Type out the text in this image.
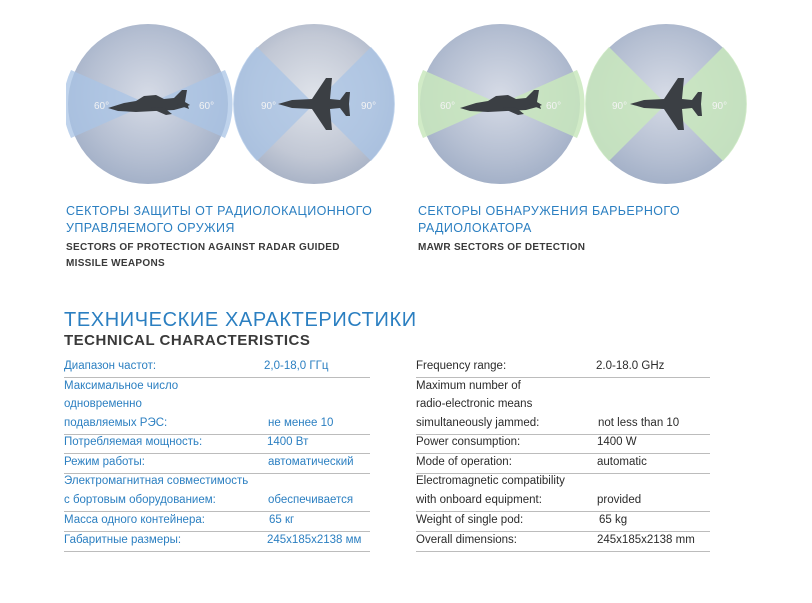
60°	60°	90°	90°	60°	60°	90°	90°
СЕКТОРЫ ЗАЩИТЫ ОТ РАДИОЛОКАЦИОННОГО
УПРАВЛЯЕМОГО ОРУЖИЯ
SECTORS OF PROTECTION AGAINST RADAR GUIDED
MISSILE WEAPONS
СЕКТОРЫ ОБНАРУЖЕНИЯ БАРЬЕРНОГО
РАДИОЛОКАТОРА
MAWR SECTORS OF DETECTION
ТЕХНИЧЕСКИЕ ХАРАКТЕРИСТИКИ
TECHNICAL CHARACTERISTICS
Диапазон частот:	2,0-18,0 ГГц
Максимальное число
одновременно
подавляемых РЭС:	не менее 10
Потребляемая мощность:	1400 Вт
Режим работы:	автоматический
Электромагнитная совместимость
с бортовым оборудованием:	обеспечивается
Масса одного контейнера:	65 кг
Габаритные размеры:	245x185x2138 мм
Frequency range:	2.0-18.0 GHz
Maximum number of
radio-electronic means
simultaneously jammed:	not less than 10
Power consumption:	1400 W
Mode of operation:	automatic
Electromagnetic compatibility
with onboard equipment:	provided
Weight of single pod:	65 kg
Overall dimensions:	245x185x2138 mm
